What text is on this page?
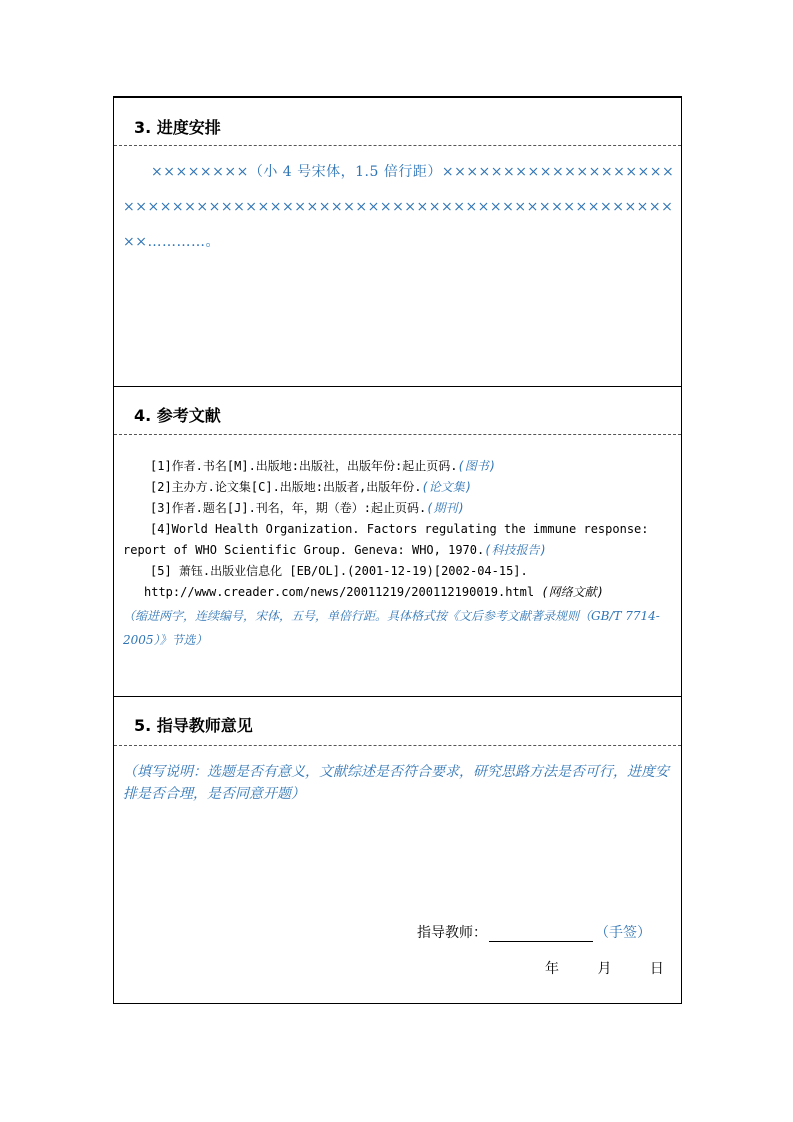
3. 进度安排
××××××××（小 4 号宋体，1.5 倍行距）××××××××××××××××××××××××××××××××××××××××××××××××××××××××××××××××××…………。
4. 参考文献

[1]作者.书名[M].出版地:出版社，出版年份:起止页码.(图书)

[2]主办方.论文集[C].出版地:出版者,出版年份.(论文集)

[3]作者.题名[J].刊名，年，期（卷）:起止页码.(期刊)

[4]World Health Organization. Factors regulating the immune response: report of WHO Scientific Group. Geneva: WHO, 1970.(科技报告)

[5] 萧钰.出版业信息化 [EB/OL].(2001-12-19)[2002-04-15].

http://www.creader.com/news/20011219/200112190019.html (网络文献)

（缩进两字，连续编号，宋体，五号，单倍行距。具体格式按《文后参考文献著录规则（GB/T 7714-2005）》节选）
5. 指导教师意见
（填写说明：选题是否有意义，文献综述是否符合要求，研究思路方法是否可行，进度安排是否合理，是否同意开题）
指导教师：	（手签）
年	月	日
